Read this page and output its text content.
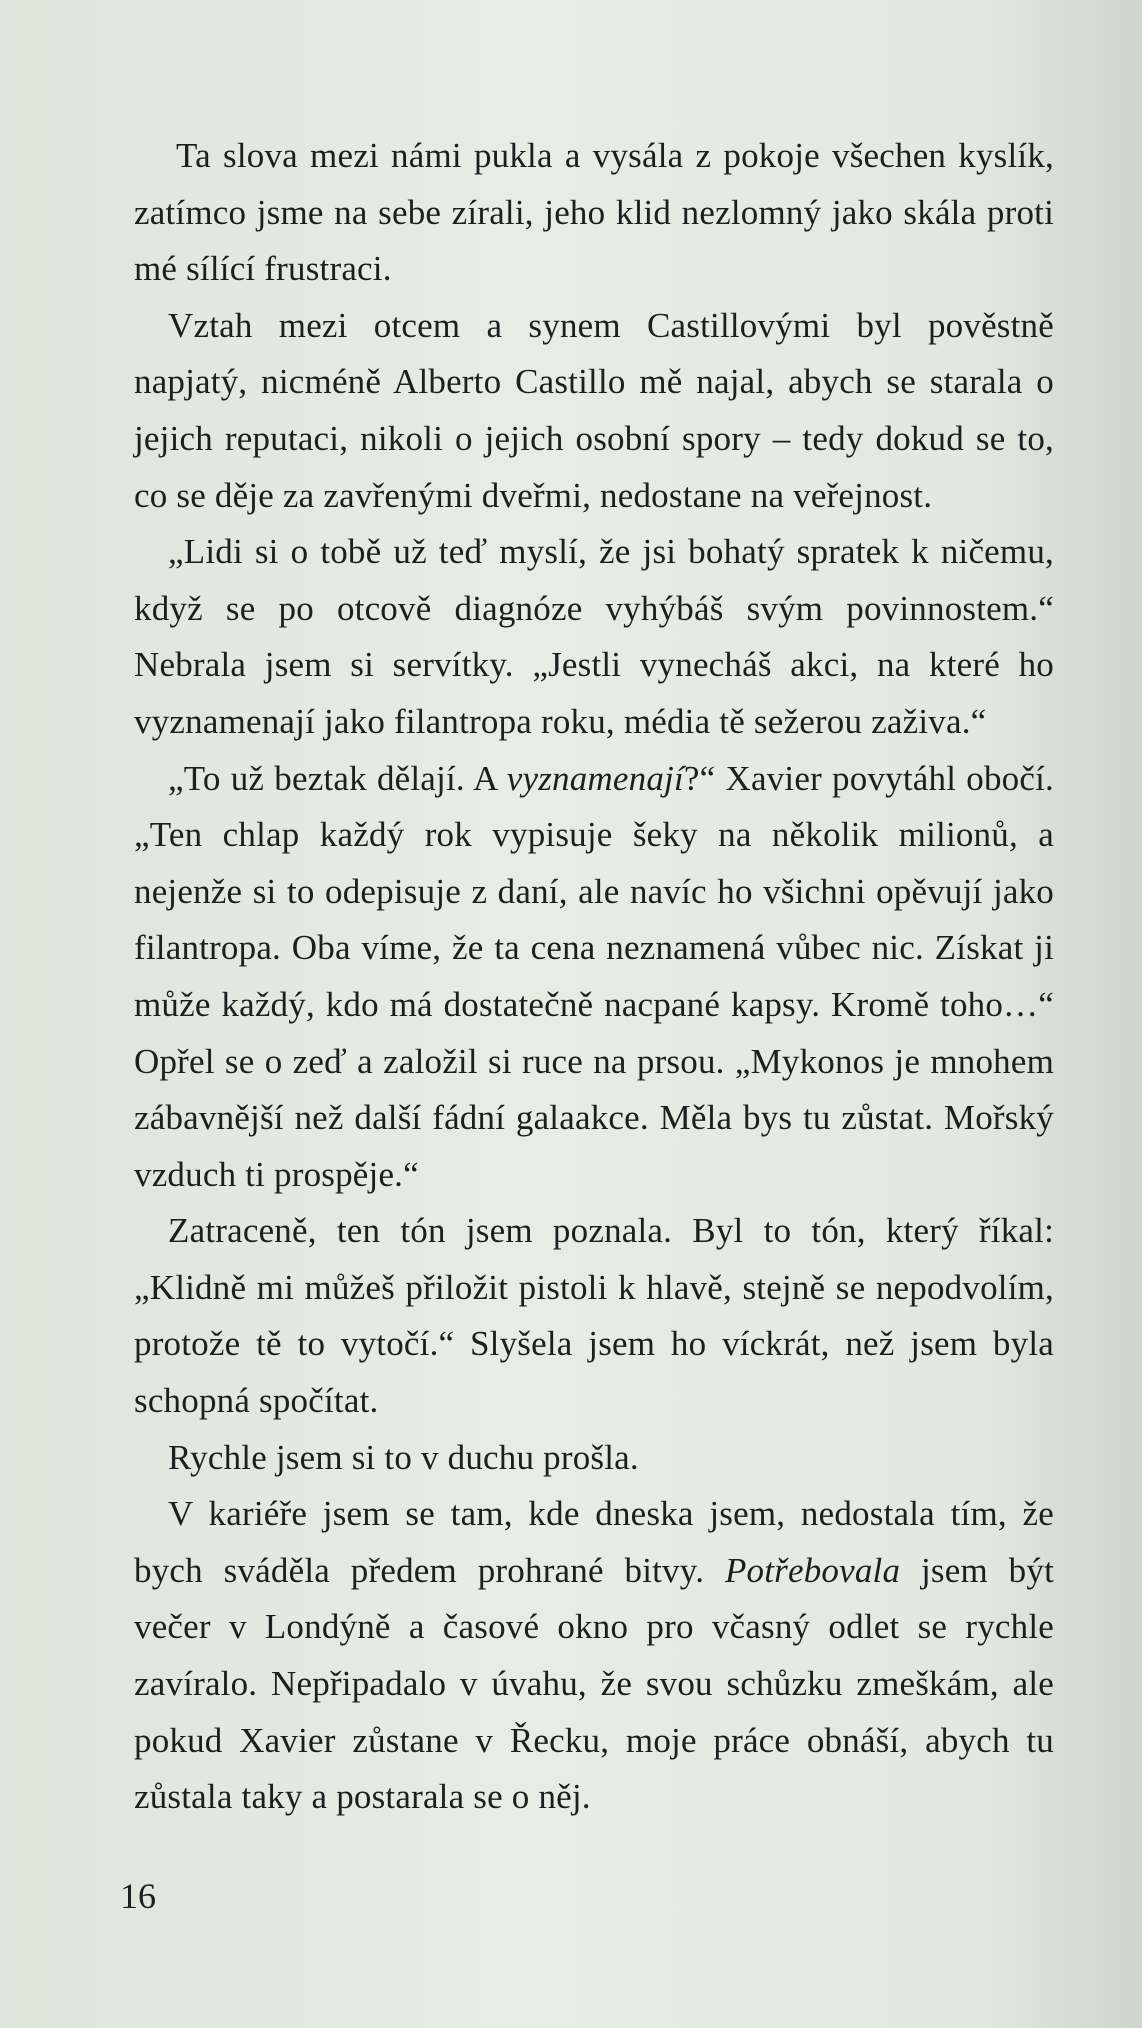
Ta slova mezi námi pukla a vysála z pokoje všechen kyslík, zatímco jsme na sebe zírali, jeho klid nezlomný jako skála proti mé sílící frustraci.

Vztah mezi otcem a synem Castillovými byl pověstně napjatý, nicméně Alberto Castillo mě najal, abych se starala o jejich reputaci, nikoli o jejich osobní spory – tedy dokud se to, co se děje za zavřenými dveřmi, nedostane na veřejnost.

„Lidi si o tobě už teď myslí, že jsi bohatý spratek k ničemu, když se po otcově diagnóze vyhýbáš svým povinnostem.“ Nebrala jsem si servítky. „Jestli vynecháš akci, na které ho vyznamenají jako filantropa roku, média tě sežerou zaživa.“

„To už beztak dělají. A vyznamenají?“ Xavier povytáhl obočí. „Ten chlap každý rok vypisuje šeky na několik milionů, a nejenže si to odepisuje z daní, ale navíc ho všichni opěvují jako filantropa. Oba víme, že ta cena neznamená vůbec nic. Získat ji může každý, kdo má dostatečně nacpané kapsy. Kromě toho…“ Opřel se o zeď a založil si ruce na prsou. „Mykonos je mnohem zábavnější než další fádní galaakce. Měla bys tu zůstat. Mořský vzduch ti prospěje.“

Zatraceně, ten tón jsem poznala. Byl to tón, který říkal: „Klidně mi můžeš přiložit pistoli k hlavě, stejně se nepodvolím, protože tě to vytočí.“ Slyšela jsem ho víckrát, než jsem byla schopná spočítat.

Rychle jsem si to v duchu prošla.

V kariéře jsem se tam, kde dneska jsem, nedostala tím, že bych sváděla předem prohrané bitvy. Potřebovala jsem být večer v Londýně a časové okno pro včasný odlet se rychle zavíralo. Nepřipadalo v úvahu, že svou schůzku zmeškám, ale pokud Xavier zůstane v Řecku, moje práce obnáší, abych tu zůstala taky a postarala se o něj.

16
